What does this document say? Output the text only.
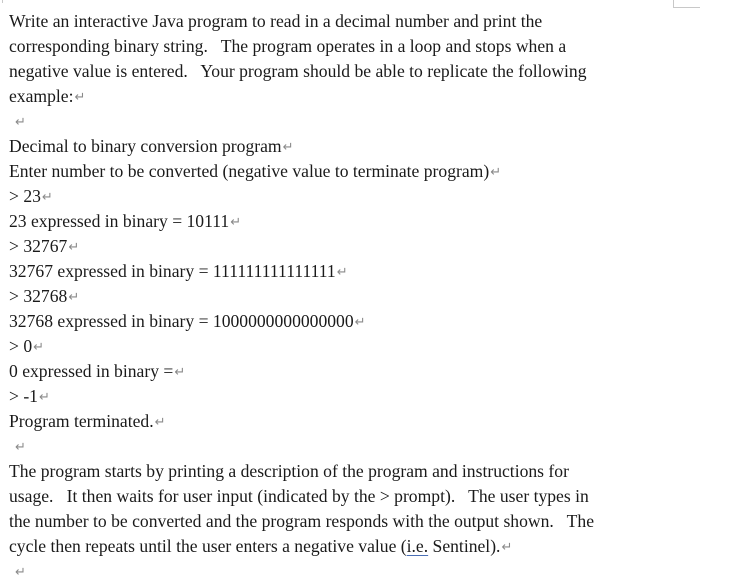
Write an interactive Java program to read in a decimal number and print the
corresponding binary string.   The program operates in a loop and stops when a
negative value is entered.   Your program should be able to replicate the following
example:↵
↵
Decimal to binary conversion program↵
Enter number to be converted (negative value to terminate program)↵
> 23↵
23 expressed in binary = 10111↵
> 32767↵
32767 expressed in binary = 111111111111111↵
> 32768↵
32768 expressed in binary = 1000000000000000↵
> 0↵
0 expressed in binary =↵
> -1↵
Program terminated.↵
↵
The program starts by printing a description of the program and instructions for
usage.   It then waits for user input (indicated by the > prompt).   The user types in
the number to be converted and the program responds with the output shown.   The
cycle then repeats until the user enters a negative value (i.e. Sentinel).↵
↵
